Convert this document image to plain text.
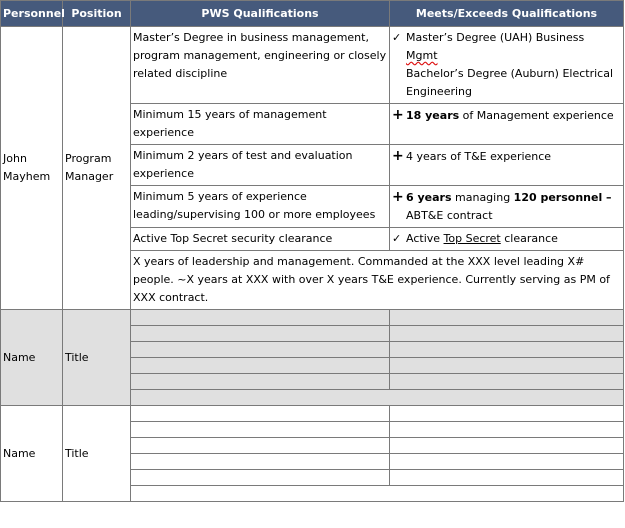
Personnel	Position	PWS Qualifications	Meets/Exceeds Qualifications
John Mayhem	Program Manager	Master’s Degree in business management, program management, engineering or closely related discipline	✓ Master’s Degree (UAH) Business
Mgmt
Bachelor’s Degree (Auburn) Electrical Engineering

		Minimum 15 years of management experience	+ 18 years of Management experience
		Minimum 2 years of test and evaluation experience	+ 4 years of T&E experience
		Minimum 5 years of experience leading/supervising 100 or more employees	+ 6 years managing 120 personnel –
ABT&E contract

		Active Top Secret security clearance	✓ Active Top Secret clearance
		X years of leadership and management. Commanded at the XXX level leading X# people. ~X years at XXX with over X years T&E experience. Currently serving as PM of XXX contract.	
Name	Title		

Name	Title		
